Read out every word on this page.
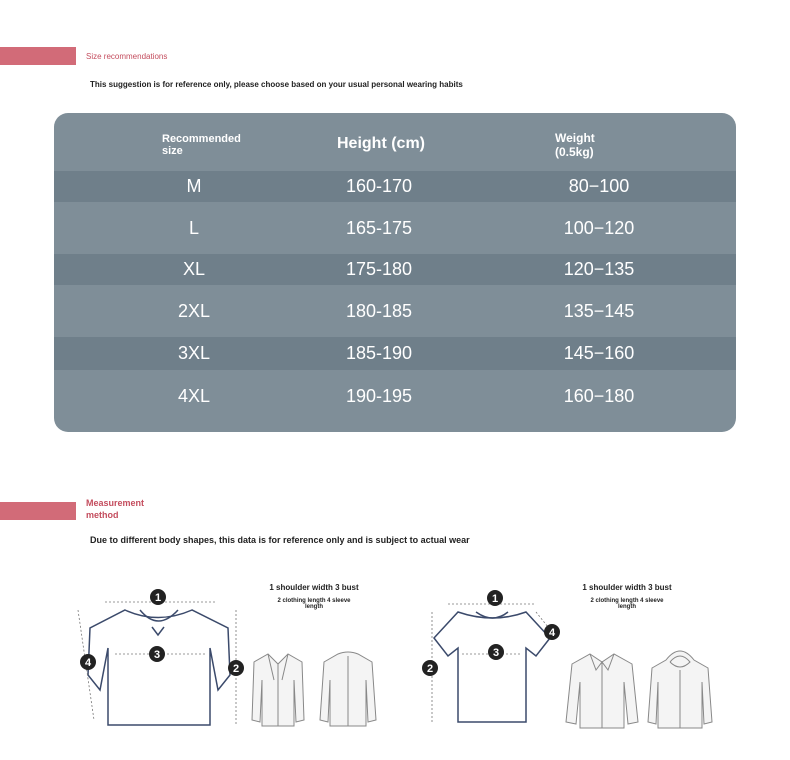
Size recommendations
This suggestion is for reference only, please choose based on your usual personal wearing habits
Recommended
size	Height (cm)	Weight
(0.5kg)
M	160-170	80−100
L	165-175	100−120
XL	175-180	120−135
2XL	180-185	135−145
3XL	185-190	145−160
4XL	190-195	160−180
Measurement
method
Due to different body shapes, this data is for reference only and is subject to actual wear
1
3
2
4
1 shoulder width 3 bust
2 clothing length 4 sleeve
length
1
3
4
2
1 shoulder width 3 bust
2 clothing length 4 sleeve
length
